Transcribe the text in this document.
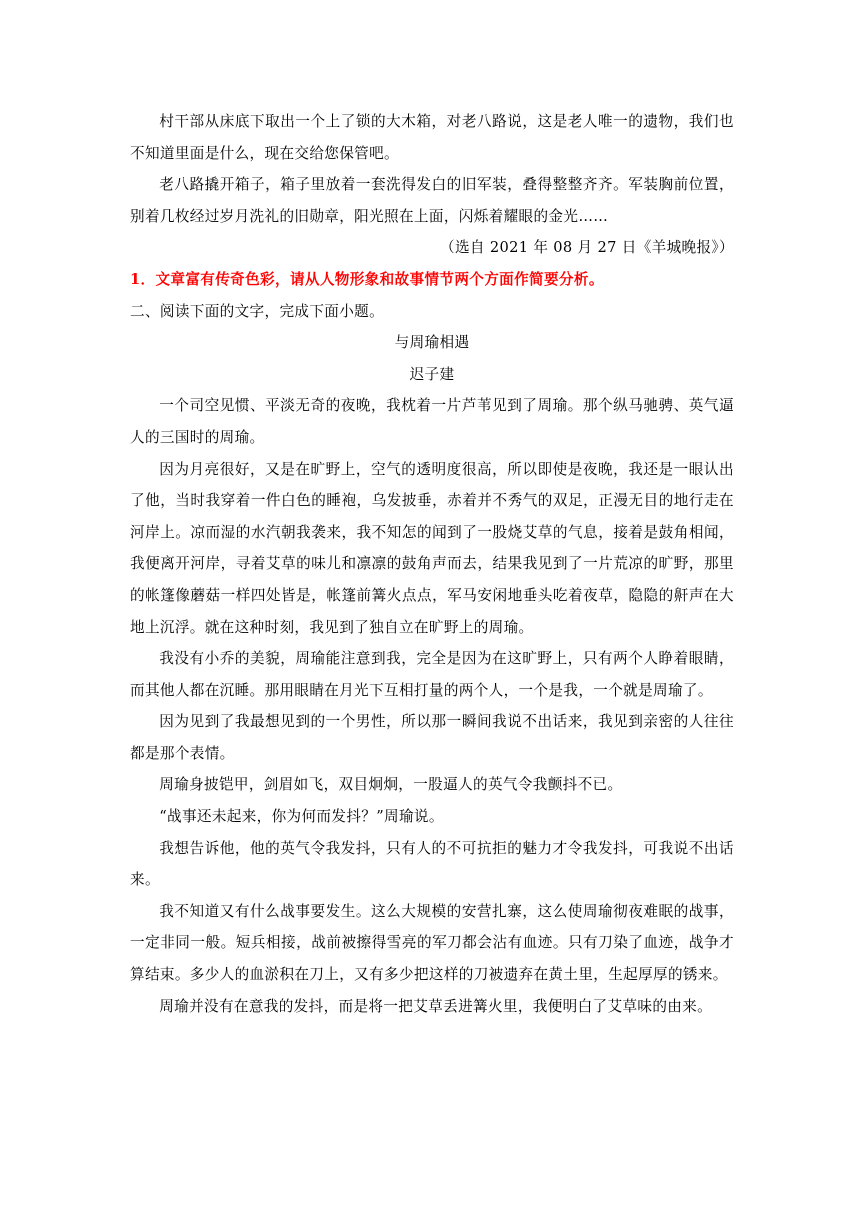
村干部从床底下取出一个上了锁的大木箱，对老八路说，这是老人唯一的遗物，我们也不知道里面是什么，现在交给您保管吧。

老八路撬开箱子，箱子里放着一套洗得发白的旧军装，叠得整整齐齐。军装胸前位置，别着几枚经过岁月洗礼的旧勋章，阳光照在上面，闪烁着耀眼的金光……

（选自 2021 年 08 月 27 日《羊城晚报》）

1．文章富有传奇色彩，请从人物形象和故事情节两个方面作简要分析。

二、阅读下面的文字，完成下面小题。

与周瑜相遇

迟子建

一个司空见惯、平淡无奇的夜晚，我枕着一片芦苇见到了周瑜。那个纵马驰骋、英气逼人的三国时的周瑜。

因为月亮很好，又是在旷野上，空气的透明度很高，所以即使是夜晚，我还是一眼认出了他，当时我穿着一件白色的睡袍，乌发披垂，赤着并不秀气的双足，正漫无目的地行走在河岸上。凉而湿的水汽朝我袭来，我不知怎的闻到了一股烧艾草的气息，接着是鼓角相闻，我便离开河岸，寻着艾草的味儿和凛凛的鼓角声而去，结果我见到了一片荒凉的旷野，那里的帐篷像蘑菇一样四处皆是，帐篷前篝火点点，军马安闲地垂头吃着夜草，隐隐的鼾声在大地上沉浮。就在这种时刻，我见到了独自立在旷野上的周瑜。

我没有小乔的美貌，周瑜能注意到我，完全是因为在这旷野上，只有两个人睁着眼睛，而其他人都在沉睡。那用眼睛在月光下互相打量的两个人，一个是我，一个就是周瑜了。

因为见到了我最想见到的一个男性，所以那一瞬间我说不出话来，我见到亲密的人往往都是那个表情。

周瑜身披铠甲，剑眉如飞，双目炯炯，一股逼人的英气令我颤抖不已。

“战事还未起来，你为何而发抖？”周瑜说。

我想告诉他，他的英气令我发抖，只有人的不可抗拒的魅力才令我发抖，可我说不出话来。

我不知道又有什么战事要发生。这么大规模的安营扎寨，这么使周瑜彻夜难眠的战事，一定非同一般。短兵相接，战前被擦得雪亮的军刀都会沾有血迹。只有刀染了血迹，战争才算结束。多少人的血淤积在刀上，又有多少把这样的刀被遗弃在黄土里，生起厚厚的锈来。

周瑜并没有在意我的发抖，而是将一把艾草丢进篝火里，我便明白了艾草味的由来。
